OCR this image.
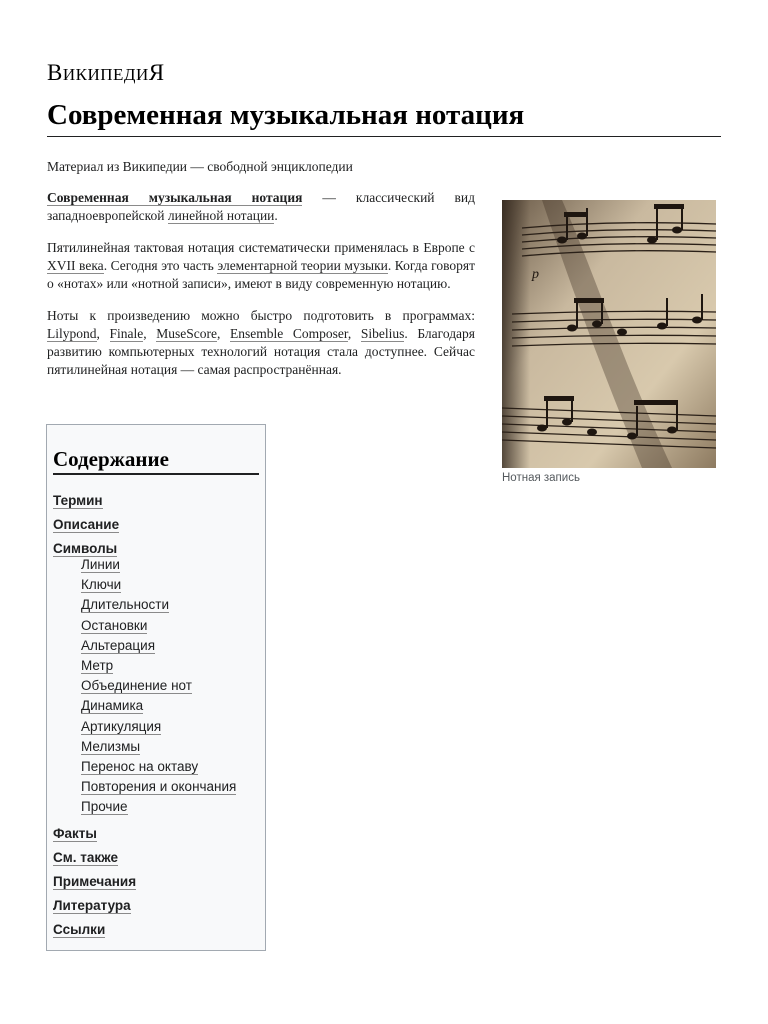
ВИКИПЕДИЯ
Современная музыкальная нотация
Материал из Википедии — свободной энциклопедии

Современная музыкальная нотация — классический вид западноевропейской линейной нотации.

Пятилинейная тактовая нотация систематически применялась в Европе с XVII века. Сегодня это часть элементарной теории музыки. Когда говорят о «нотах» или «нотной записи», имеют в виду современную нотацию.

Ноты к произведению можно быстро подготовить в программах: Lilypond, Finale, MuseScore, Ensemble Composer, Sibelius. Благодаря развитию компьютерных технологий нотация стала доступнее. Сейчас пятилинейная нотация — самая распространённая.

p
Нотная запись
Содержание
Термин
Описание
Символы
Линии
Ключи
Длительности
Остановки
Альтерация
Метр
Объединение нот
Динамика
Артикуляция
Мелизмы
Перенос на октаву
Повторения и окончания
Прочие
Факты
См. также
Примечания
Литература
Ссылки
